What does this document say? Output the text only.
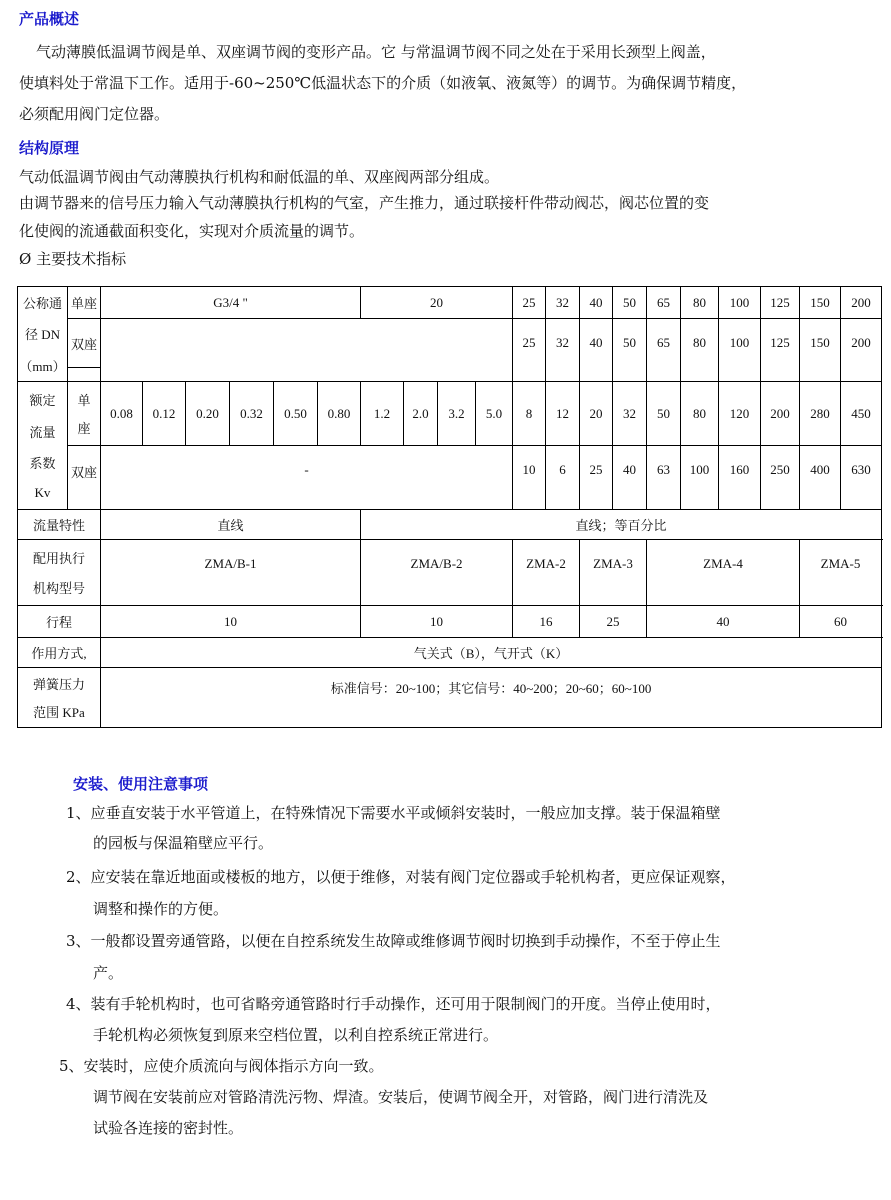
产品概述
气动薄膜低温调节阀是单、双座调节阀的变形产品。它 与常温调节阀不同之处在于采用长颈型上阀盖，
使填料处于常温下工作。适用于-60~250℃低温状态下的介质（如液氧、液氮等）的调节。为确保调节精度，
必须配用阀门定位器。
结构原理
气动低温调节阀由气动薄膜执行机构和耐低温的单、双座阀两部分组成。
由调节器来的信号压力输入气动薄膜执行机构的气室，产生推力，通过联接杆件带动阀芯，阀芯位置的变
化使阀的流通截面积变化，实现对介质流量的调节。
Ø 主要技术指标
公称通
径 DN
（mm）	单座	G3/4 "						20				25	32	40	50	65	80	100	125	150	200
	双座											25	32	40	50	65	80	100	125	150	200

额定
流量
系数
Kv	单
座	0.08	0.12	0.20	0.32	0.50	0.80	1.2	2.0	3.2	5.0	8	12	20	32	50	80	120	200	280	450
	双座	-										10	6	25	40	63	100	160	250	400	630
流量特性		直线						直线；等百分比													

配用执行
机构型号		ZMA/B-1						ZMA/B-2				ZMA-2		ZMA-3		ZMA-4				ZMA-5	
行程		10						10				16		25		40				60	
作用方式,		气关式（B），气开式（K）																			

弹簧压力
范围 KPa		标准信号：20~100；其它信号：40~200；20~60；60~100																			
安装、使用注意事项
1、应垂直安装于水平管道上，在特殊情况下需要水平或倾斜安装时，一般应加支撑。装于保温箱壁
的园板与保温箱壁应平行。
2、应安装在靠近地面或楼板的地方，以便于维修，对装有阀门定位器或手轮机构者，更应保证观察，
调整和操作的方便。
3、一般都设置旁通管路，以便在自控系统发生故障或维修调节阀时切换到手动操作，不至于停止生
产。
4、装有手轮机构时，也可省略旁通管路时行手动操作，还可用于限制阀门的开度。当停止使用时，
手轮机构必须恢复到原来空档位置，以利自控系统正常进行。
5、安装时，应使介质流向与阀体指示方向一致。
调节阀在安装前应对管路清洗污物、焊渣。安装后，使调节阀全开，对管路，阀门进行清洗及
试验各连接的密封性。
